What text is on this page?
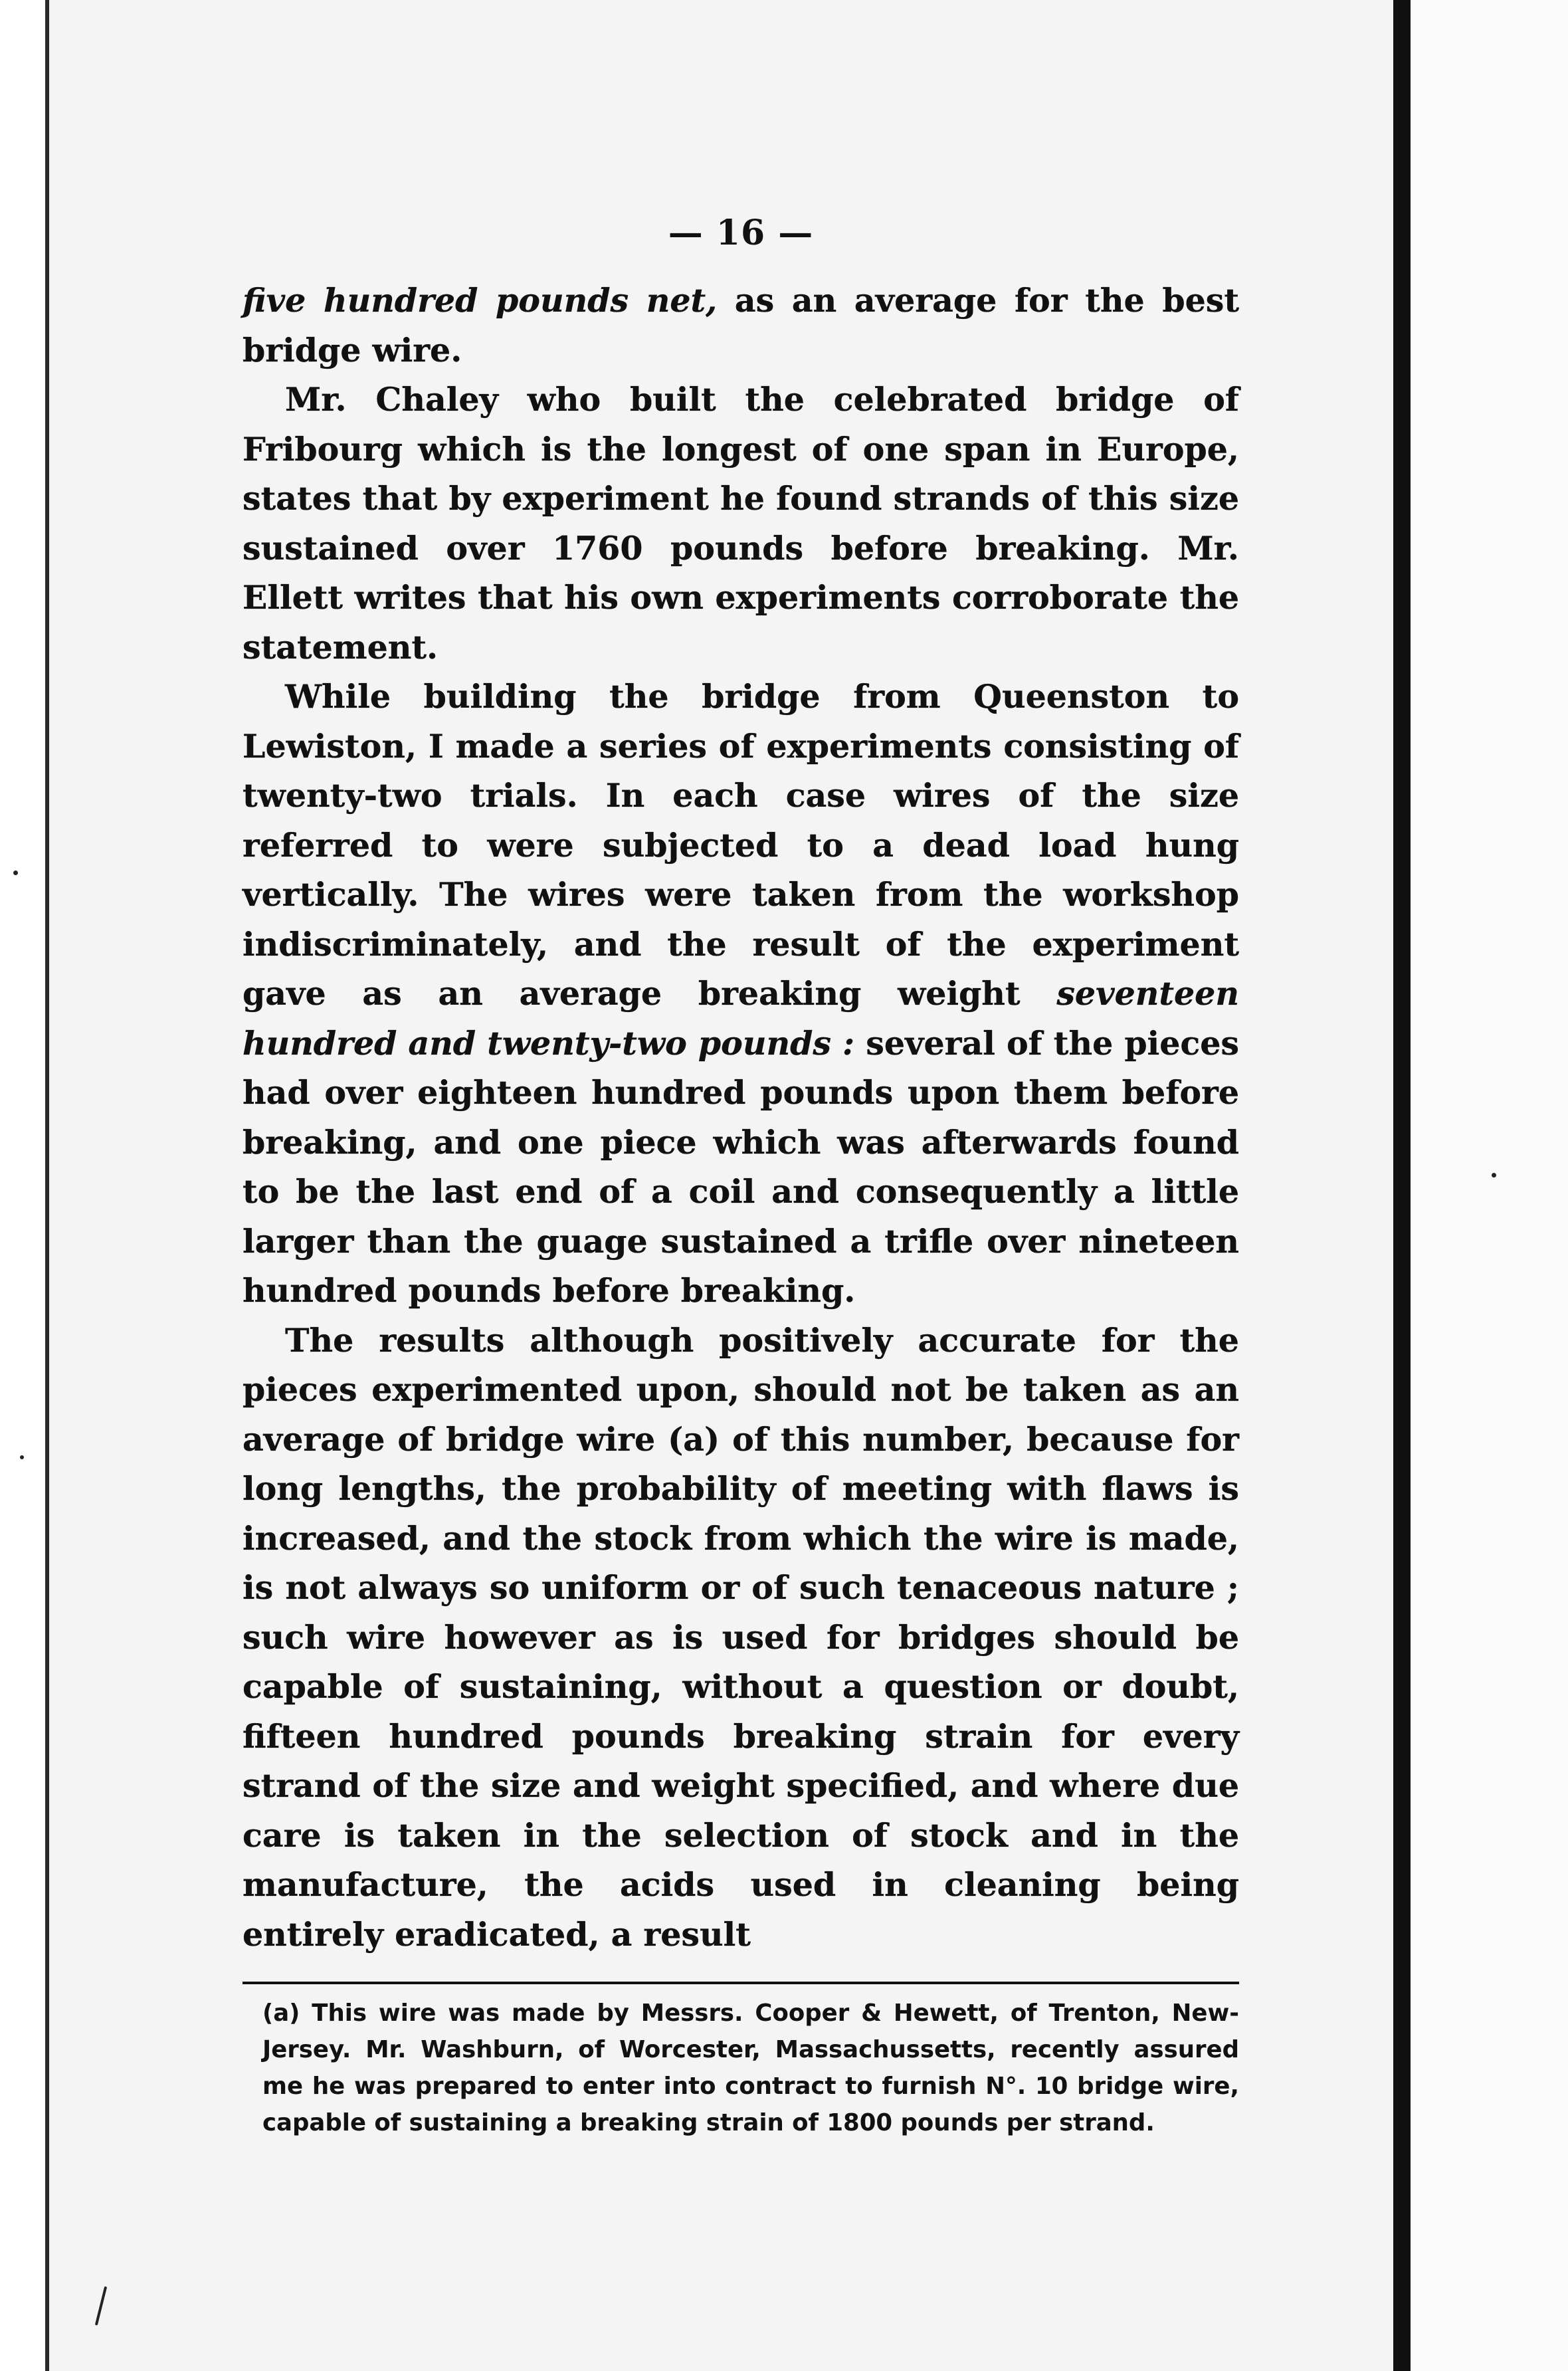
— 16 —

five hundred pounds net, as an average for the best bridge wire.

Mr. Chaley who built the celebrated bridge of Fribourg which is the longest of one span in Europe, states that by experiment he found strands of this size sustained over 1760 pounds before breaking. Mr. Ellett writes that his own experiments corroborate the statement.

While building the bridge from Queenston to Lewiston, I made a series of experiments consisting of twenty-two trials. In each case wires of the size referred to were subjected to a dead load hung vertically. The wires were taken from the workshop indiscriminately, and the result of the experiment gave as an average breaking weight seventeen hundred and twenty-two pounds : several of the pieces had over eighteen hundred pounds upon them before breaking, and one piece which was afterwards found to be the last end of a coil and consequently a little larger than the guage sustained a trifle over nineteen hundred pounds before breaking.

The results although positively accurate for the pieces experimented upon, should not be taken as an average of bridge wire (a) of this number, because for long lengths, the probability of meeting with flaws is increased, and the stock from which the wire is made, is not always so uniform or of such tenaceous nature ; such wire however as is used for bridges should be capable of sustaining, without a question or doubt, fifteen hundred pounds breaking strain for every strand of the size and weight specified, and where due care is taken in the selection of stock and in the manufacture, the acids used in cleaning being entirely eradicated, a result

(a) This wire was made by Messrs. Cooper & Hewett, of Trenton, New-Jersey. Mr. Washburn, of Worcester, Massachussetts, recently assured me he was prepared to enter into contract to furnish N°. 10 bridge wire, capable of sustaining a breaking strain of 1800 pounds per strand.
